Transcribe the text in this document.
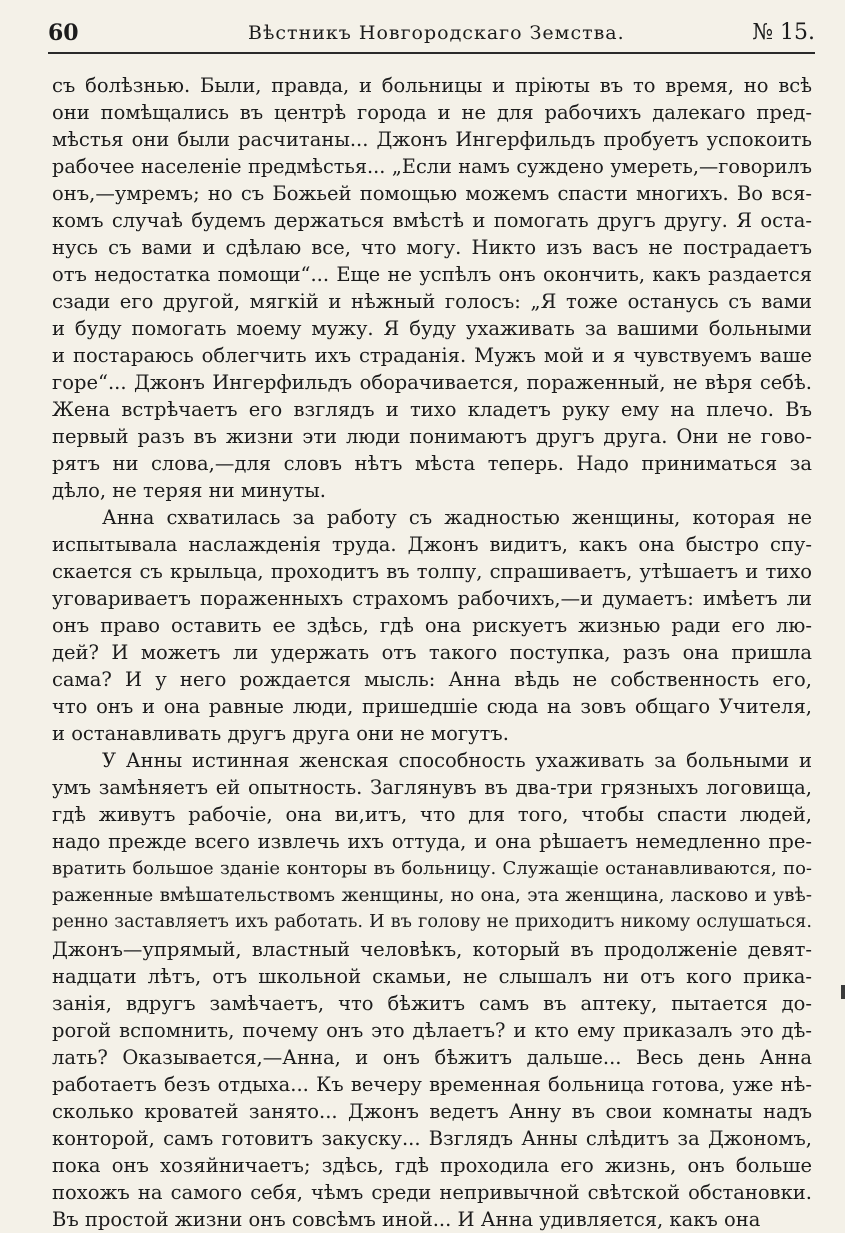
60	Вѣстникъ Новгородскаго Земства.	№ 15.
съ болѣзнью. Были, правда, и больницы и пріюты въ то время, но всѣ
они помѣщались въ центрѣ города и не для рабочихъ далекаго пред-
мѣстья они были расчитаны... Джонъ Ингерфильдъ пробуетъ успокоить
рабочее населеніе предмѣстья... „Если намъ суждено умереть,—говорилъ
онъ,—умремъ; но съ Божьей помощью можемъ спасти многихъ. Во вся-
комъ случаѣ будемъ держаться вмѣстѣ и помогать другъ другу. Я оста-
нусь съ вами и сдѣлаю все, что могу. Никто изъ васъ не пострадаетъ
отъ недостатка помощи“... Еще не успѣлъ онъ окончить, какъ раздается
сзади его другой, мягкій и нѣжный голосъ: „Я тоже останусь съ вами
и буду помогать моему мужу. Я буду ухаживать за вашими больными
и постараюсь облегчить ихъ страданія. Мужъ мой и я чувствуемъ ваше
горе“... Джонъ Ингерфильдъ оборачивается, пораженный, не вѣря себѣ.
Жена встрѣчаетъ его взглядъ и тихо кладетъ руку ему на плечо. Въ
первый разъ въ жизни эти люди понимаютъ другъ друга. Они не гово-
рятъ ни слова,—для словъ нѣтъ мѣста теперь. Надо приниматься за
дѣло, не теряя ни минуты.
Анна схватилась за работу съ жадностью женщины, которая не
испытывала наслажденія труда. Джонъ видитъ, какъ она быстро спу-
скается съ крыльца, проходитъ въ толпу, спрашиваетъ, утѣшаетъ и тихо
уговариваетъ пораженныхъ страхомъ рабочихъ,—и думаетъ: имѣетъ ли
онъ право оставить ее здѣсь, гдѣ она рискуетъ жизнью ради его лю-
дей? И можетъ ли удержать отъ такого поступка, разъ она пришла
сама? И у него рождается мысль: Анна вѣдь не собственность его,
что онъ и она равные люди, пришедшіе сюда на зовъ общаго Учителя,
и останавливать другъ друга они не могутъ.
У Анны истинная женская способность ухаживать за больными и
умъ замѣняетъ ей опытность. Заглянувъ въ два-три грязныхъ логовища,
гдѣ живутъ рабочіе, она ви,итъ, что для того, чтобы спасти людей,
надо прежде всего извлечь ихъ оттуда, и она рѣшаетъ немедленно пре-
вратить большое зданіе конторы въ больницу. Служащіе останавливаются, по-
раженные вмѣшательствомъ женщины, но она, эта женщина, ласково и увѣ-
ренно заставляетъ ихъ работать. И въ голову не приходитъ никому ослушаться.
Джонъ—упрямый, властный человѣкъ, который въ продолженіе девят-
надцати лѣтъ, отъ школьной скамьи, не слышалъ ни отъ кого прика-
занія, вдругъ замѣчаетъ, что бѣжитъ самъ въ аптеку, пытается до-
рогой вспомнить, почему онъ это дѣлаетъ? и кто ему приказалъ это дѣ-
лать? Оказывается,—Анна, и онъ бѣжитъ дальше... Весь день Анна
работаетъ безъ отдыха... Къ вечеру временная больница готова, уже нѣ-
сколько кроватей занято... Джонъ ведетъ Анну въ свои комнаты надъ
конторой, самъ готовитъ закуску... Взглядъ Анны слѣдитъ за Джономъ,
пока онъ хозяйничаетъ; здѣсь, гдѣ проходила его жизнь, онъ больше
похожъ на самого себя, чѣмъ среди непривычной свѣтской обстановки.
Въ простой жизни онъ совсѣмъ иной... И Анна удивляется, какъ она
